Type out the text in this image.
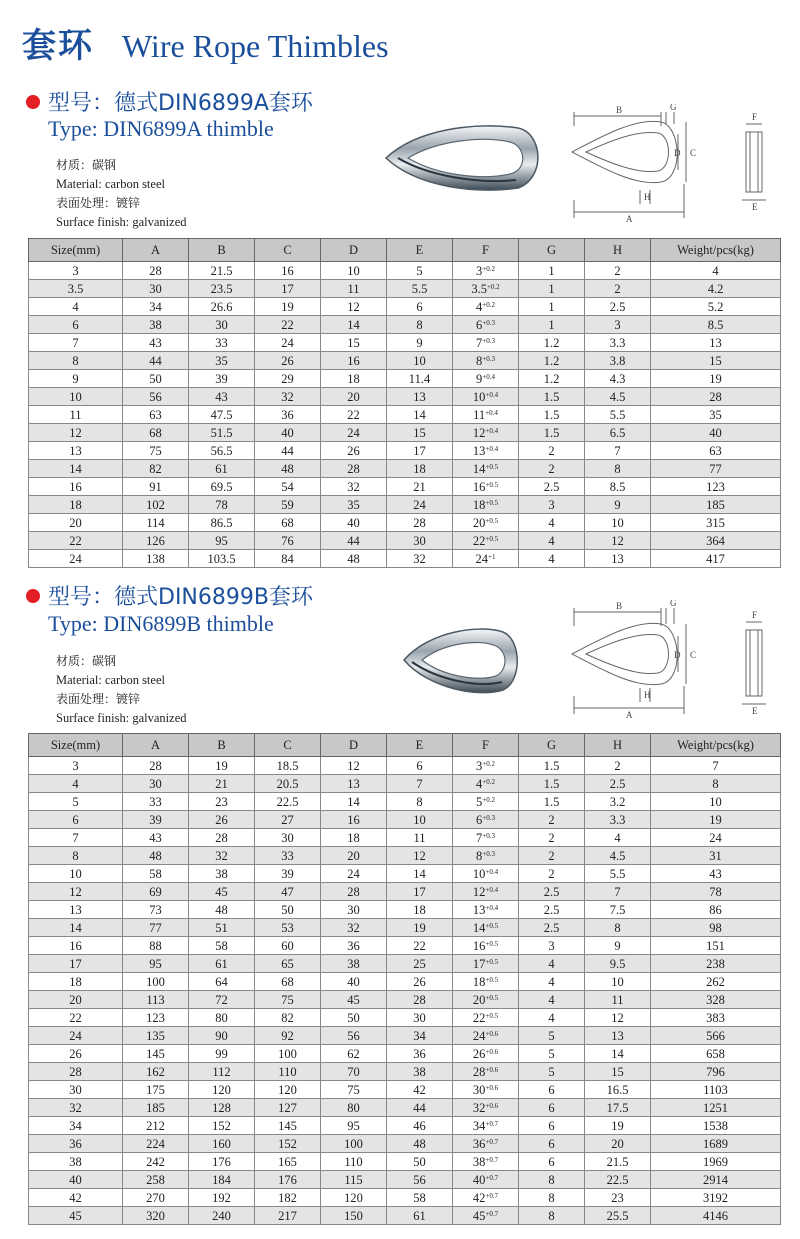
套环 Wire Rope Thimbles
型号：德式DIN6899A套环
Type: DIN6899A thimble
材质：碳钢
Material: carbon steel
表面处理：镀锌
Surface finish: galvanized
B	G
D C
A
H
F
E
Size(mm)	A	B	C	D	E	F	G	H	Weight/pcs(kg)
3	28	21.5	16	10	5	$3^{+0.2}$	1	2	4
3.5	30	23.5	17	11	5.5	$3.5^{+0.2}$	1	2	4.2
4	34	26.6	19	12	6	$4^{+0.2}$	1	2.5	5.2
6	38	30	22	14	8	$6^{+0.3}$	1	3	8.5
7	43	33	24	15	9	$7^{+0.3}$	1.2	3.3	13
8	44	35	26	16	10	$8^{+0.3}$	1.2	3.8	15
9	50	39	29	18	11.4	$9^{+0.4}$	1.2	4.3	19
10	56	43	32	20	13	$10^{+0.4}$	1.5	4.5	28
11	63	47.5	36	22	14	$11^{+0.4}$	1.5	5.5	35
12	68	51.5	40	24	15	$12^{+0.4}$	1.5	6.5	40
13	75	56.5	44	26	17	$13^{+0.4}$	2	7	63
14	82	61	48	28	18	$14^{+0.5}$	2	8	77
16	91	69.5	54	32	21	$16^{+0.5}$	2.5	8.5	123
18	102	78	59	35	24	$18^{+0.5}$	3	9	185
20	114	86.5	68	40	28	$20^{+0.5}$	4	10	315
22	126	95	76	44	30	$22^{+0.5}$	4	12	364
24	138	103.5	84	48	32	$24^{+1}$	4	13	417
型号：德式DIN6899B套环
Type: DIN6899B thimble
材质：碳钢
Material: carbon steel
表面处理：镀锌
Surface finish: galvanized
B	G
D C
A
H
F
E
Size(mm)	A	B	C	D	E	F	G	H	Weight/pcs(kg)
3	28	19	18.5	12	6	$3^{+0.2}$	1.5	2	7
4	30	21	20.5	13	7	$4^{+0.2}$	1.5	2.5	8
5	33	23	22.5	14	8	$5^{+0.2}$	1.5	3.2	10
6	39	26	27	16	10	$6^{+0.3}$	2	3.3	19
7	43	28	30	18	11	$7^{+0.3}$	2	4	24
8	48	32	33	20	12	$8^{+0.3}$	2	4.5	31
10	58	38	39	24	14	$10^{+0.4}$	2	5.5	43
12	69	45	47	28	17	$12^{+0.4}$	2.5	7	78
13	73	48	50	30	18	$13^{+0.4}$	2.5	7.5	86
14	77	51	53	32	19	$14^{+0.5}$	2.5	8	98
16	88	58	60	36	22	$16^{+0.5}$	3	9	151
17	95	61	65	38	25	$17^{+0.5}$	4	9.5	238
18	100	64	68	40	26	$18^{+0.5}$	4	10	262
20	113	72	75	45	28	$20^{+0.5}$	4	11	328
22	123	80	82	50	30	$22^{+0.5}$	4	12	383
24	135	90	92	56	34	$24^{+0.6}$	5	13	566
26	145	99	100	62	36	$26^{+0.6}$	5	14	658
28	162	112	110	70	38	$28^{+0.6}$	5	15	796
30	175	120	120	75	42	$30^{+0.6}$	6	16.5	1103
32	185	128	127	80	44	$32^{+0.6}$	6	17.5	1251
34	212	152	145	95	46	$34^{+0.7}$	6	19	1538
36	224	160	152	100	48	$36^{+0.7}$	6	20	1689
38	242	176	165	110	50	$38^{+0.7}$	6	21.5	1969
40	258	184	176	115	56	$40^{+0.7}$	8	22.5	2914
42	270	192	182	120	58	$42^{+0.7}$	8	23	3192
45	320	240	217	150	61	$45^{+0.7}$	8	25.5	4146
